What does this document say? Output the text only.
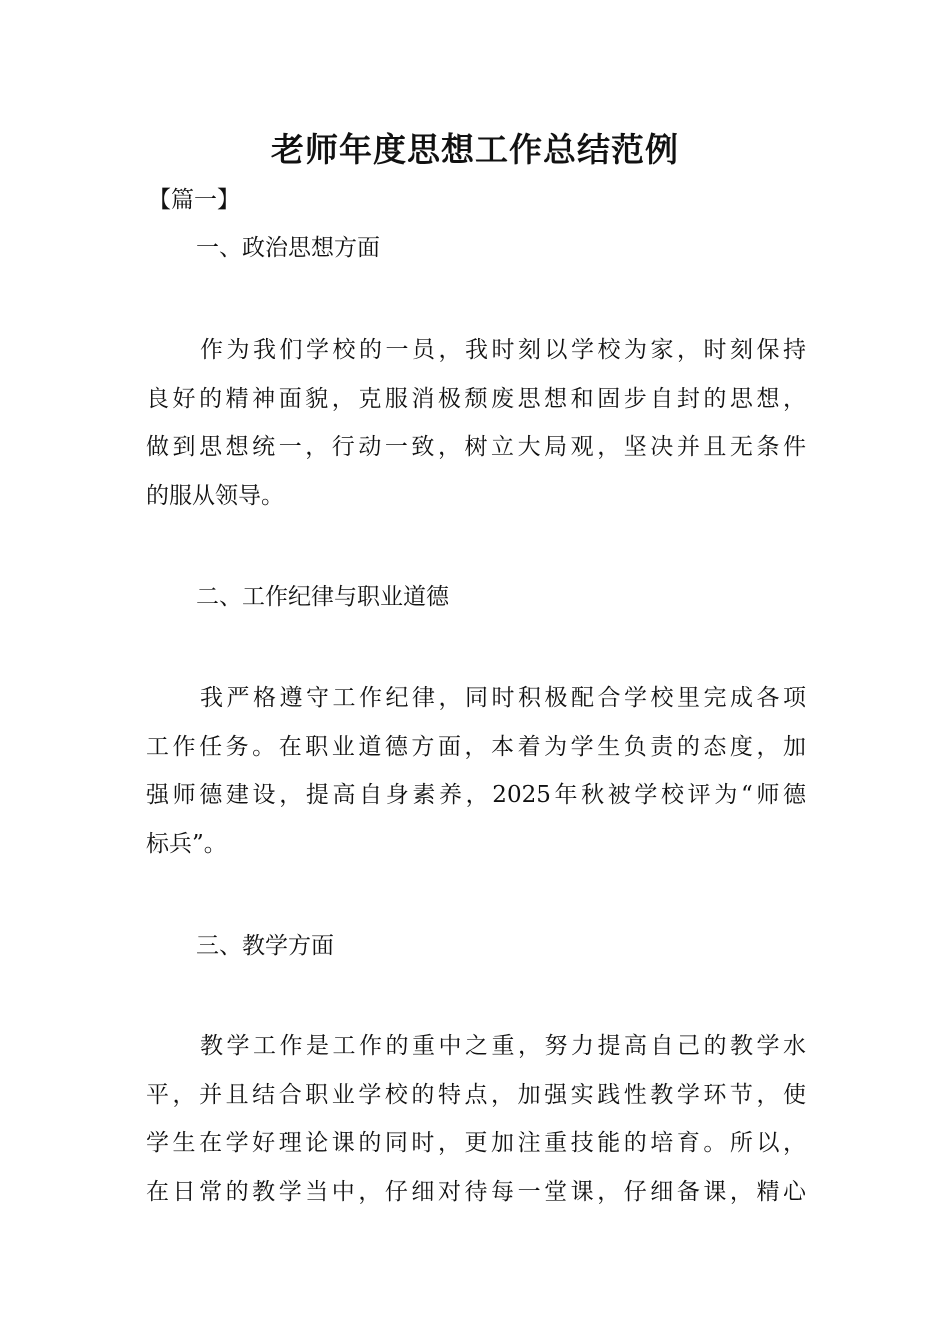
老师年度思想工作总结范例
【篇一】
一、政治思想方面
作为我们学校的一员，我时刻以学校为家，时刻保持
良好的精神面貌，克服消极颓废思想和固步自封的思想，
做到思想统一，行动一致，树立大局观，坚决并且无条件
的服从领导。
二、工作纪律与职业道德
我严格遵守工作纪律，同时积极配合学校里完成各项
工作任务。在职业道德方面，本着为学生负责的态度，加
强师德建设，提高自身素养，2025年秋被学校评为“师德
标兵”。
三、教学方面
教学工作是工作的重中之重，努力提高自己的教学水
平，并且结合职业学校的特点，加强实践性教学环节，使
学生在学好理论课的同时，更加注重技能的培育。所以，
在日常的教学当中，仔细对待每一堂课，仔细备课，精心
